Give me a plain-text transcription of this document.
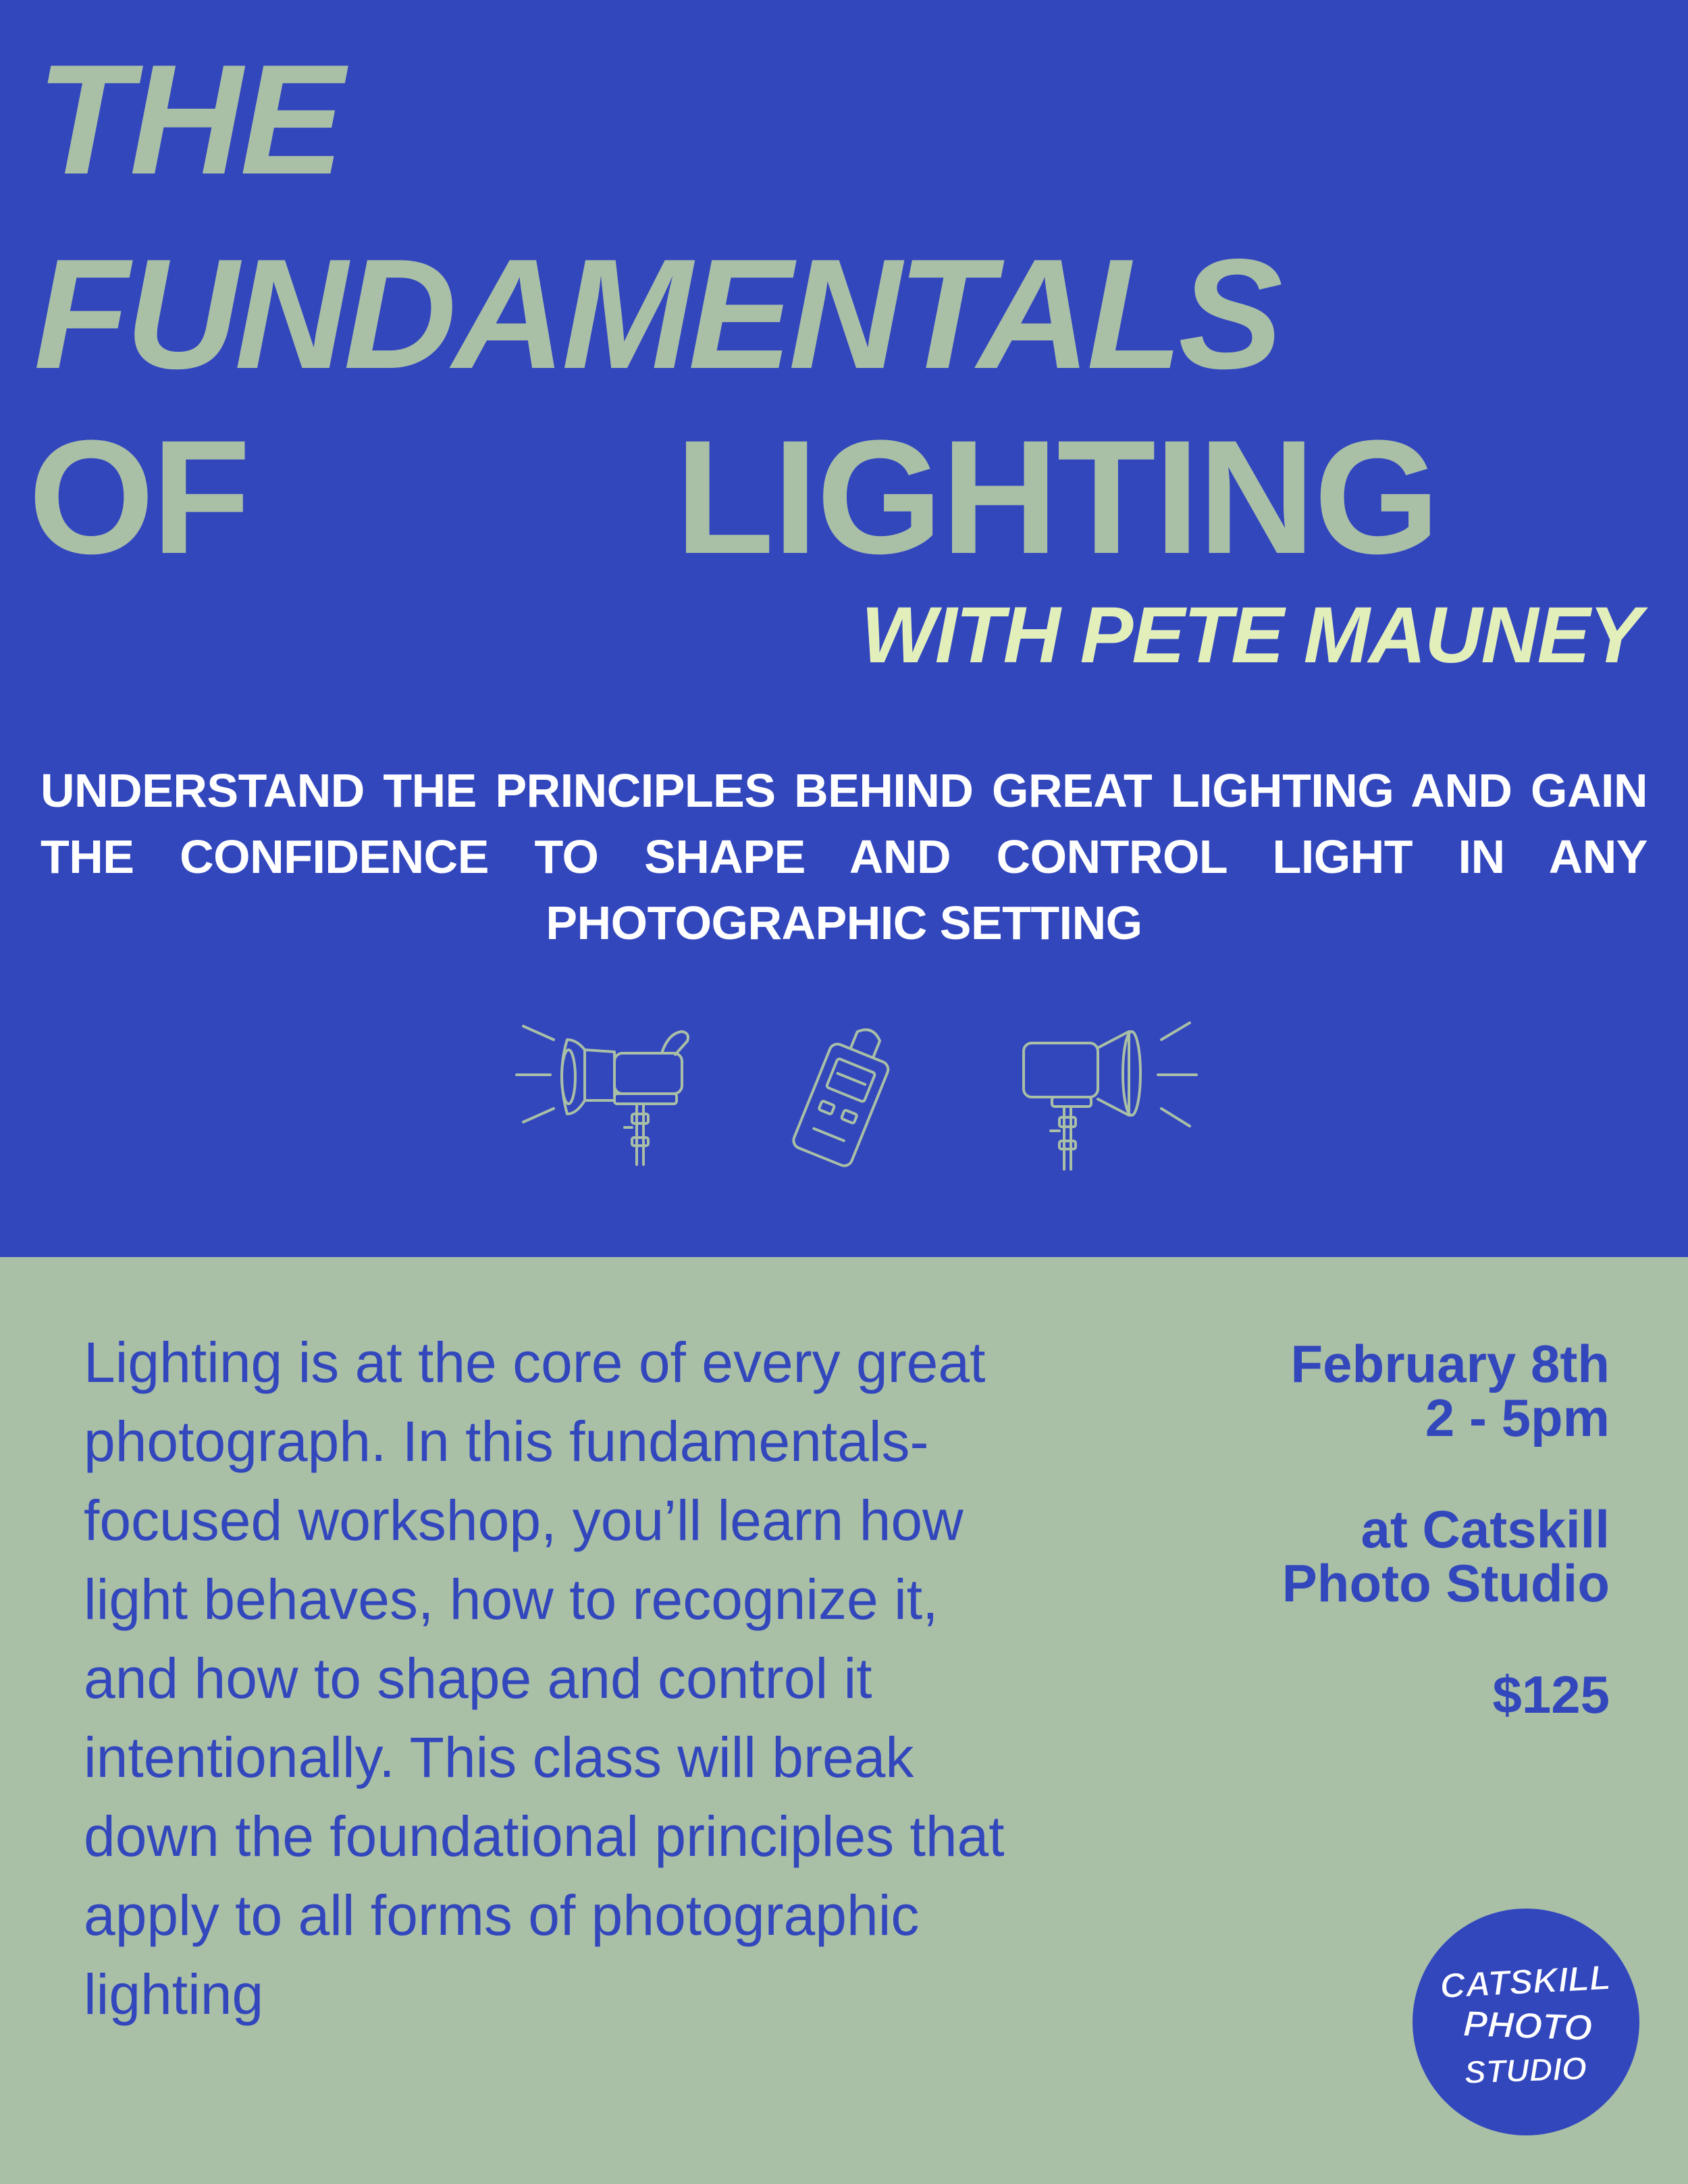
THE
FUNDAMENTALS
OF	LIGHTING
WITH PETE MAUNEY

UNDERSTAND THE PRINCIPLES BEHIND GREAT LIGHTING AND GAIN THE CONFIDENCE TO SHAPE AND CONTROL LIGHT IN ANY PHOTOGRAPHIC SETTING

Lighting is at the core of every great photograph. In this fundamentals-focused workshop, you’ll learn how light behaves, how to recognize it, and how to shape and control it intentionally. This class will break down the foundational principles that apply to all forms of photographic lighting

February 8th
2 - 5pm
at Catskill
Photo Studio
$125
CATSKILL
PHOTO
STUDIO
